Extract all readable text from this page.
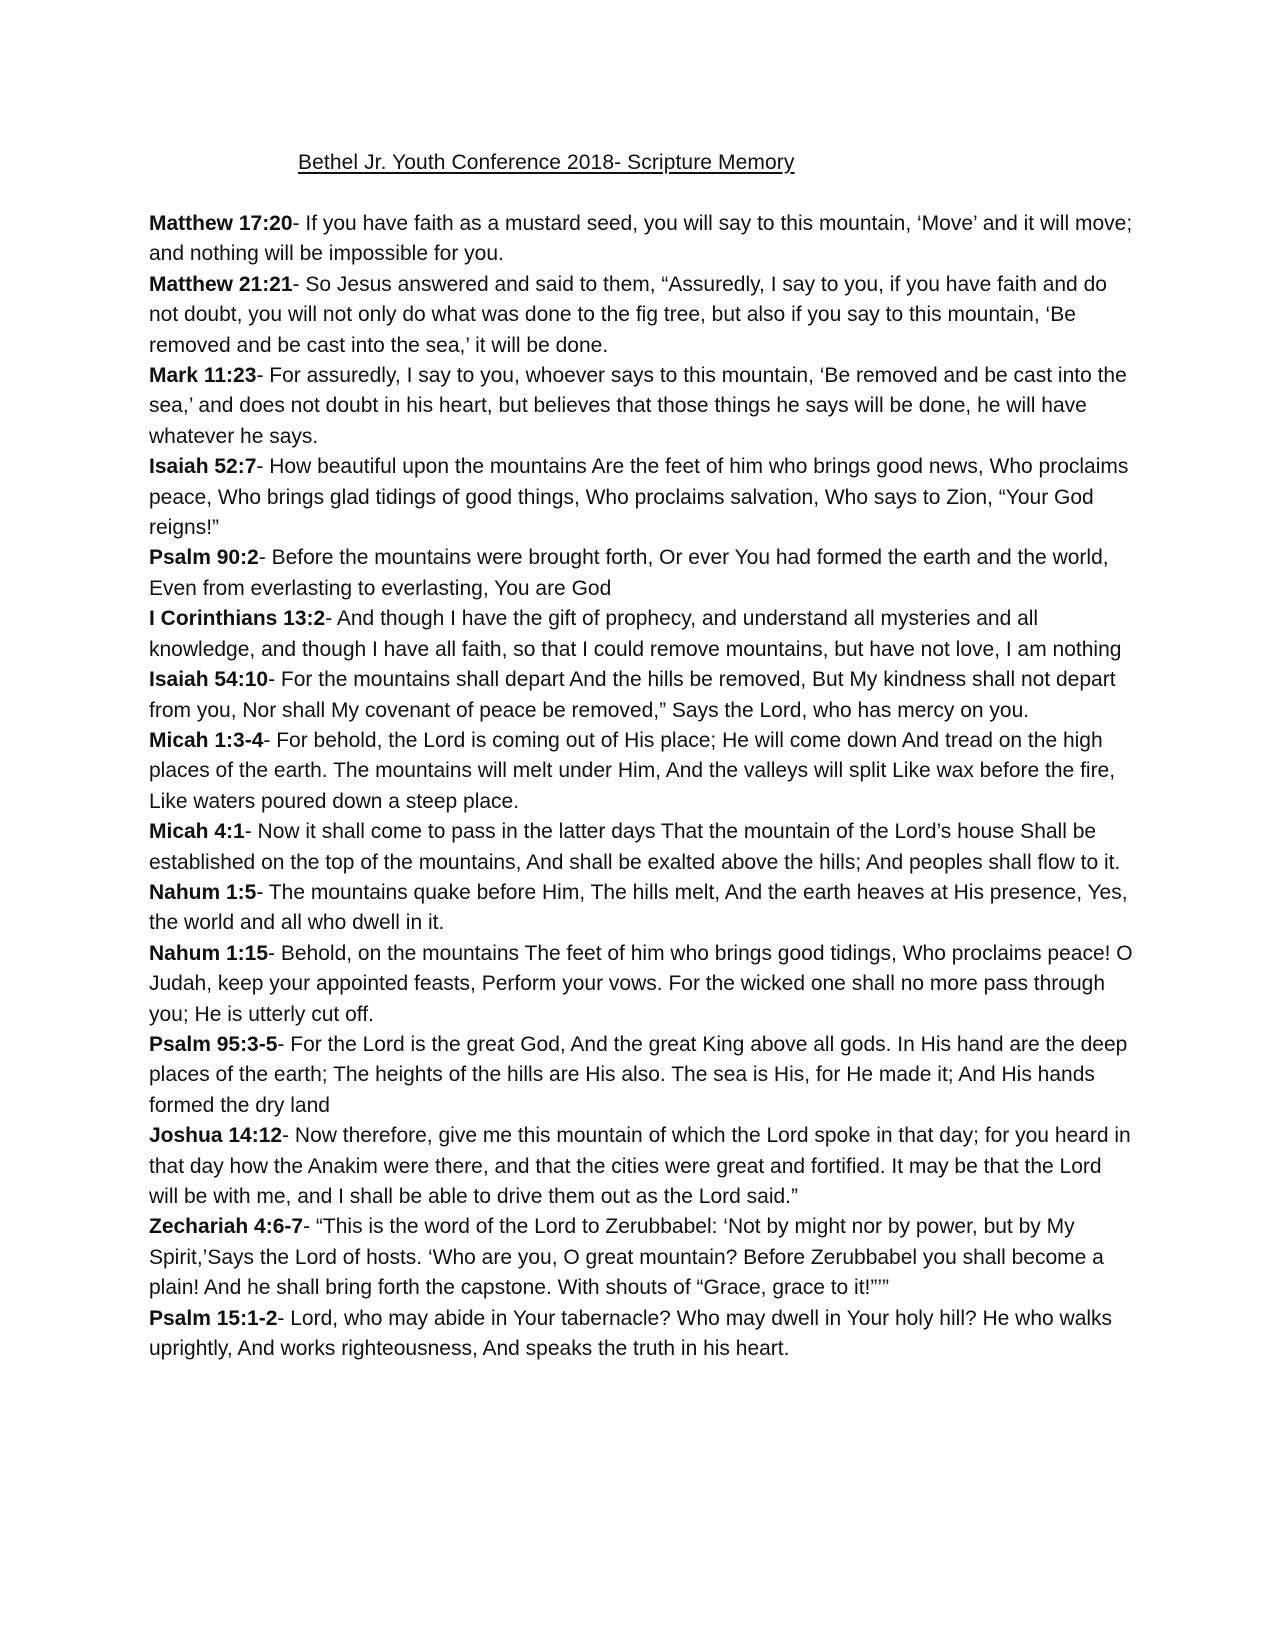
Bethel Jr. Youth Conference 2018- Scripture Memory

Matthew 17:20- If you have faith as a mustard seed, you will say to this mountain, ‘Move’ and it will move; and nothing will be impossible for you.

Matthew 21:21- So Jesus answered and said to them, “Assuredly, I say to you, if you have faith and do not doubt, you will not only do what was done to the fig tree, but also if you say to this mountain, ‘Be removed and be cast into the sea,’ it will be done.

Mark 11:23- For assuredly, I say to you, whoever says to this mountain, ‘Be removed and be cast into the sea,’ and does not doubt in his heart, but believes that those things he says will be done, he will have whatever he says.

Isaiah 52:7- How beautiful upon the mountains Are the feet of him who brings good news, Who proclaims peace, Who brings glad tidings of good things, Who proclaims salvation, Who says to Zion, “Your God reigns!”

Psalm 90:2- Before the mountains were brought forth, Or ever You had formed the earth and the world, Even from everlasting to everlasting, You are God

I Corinthians 13:2- And though I have the gift of prophecy, and understand all mysteries and all knowledge, and though I have all faith, so that I could remove mountains, but have not love, I am nothing

Isaiah 54:10- For the mountains shall depart And the hills be removed, But My kindness shall not depart from you, Nor shall My covenant of peace be removed,” Says the Lord, who has mercy on you.

Micah 1:3-4- For behold, the Lord is coming out of His place; He will come down And tread on the high places of the earth. The mountains will melt under Him, And the valleys will split Like wax before the fire, Like waters poured down a steep place.

Micah 4:1- Now it shall come to pass in the latter days That the mountain of the Lord’s house Shall be established on the top of the mountains, And shall be exalted above the hills; And peoples shall flow to it.

Nahum 1:5- The mountains quake before Him, The hills melt, And the earth heaves at His presence, Yes, the world and all who dwell in it.

Nahum 1:15- Behold, on the mountains The feet of him who brings good tidings, Who proclaims peace! O Judah, keep your appointed feasts, Perform your vows. For the wicked one shall no more pass through you; He is utterly cut off.

Psalm 95:3-5- For the Lord is the great God, And the great King above all gods. In His hand are the deep places of the earth; The heights of the hills are His also. The sea is His, for He made it; And His hands formed the dry land

Joshua 14:12- Now therefore, give me this mountain of which the Lord spoke in that day; for you heard in that day how the Anakim were there, and that the cities were great and fortified. It may be that the Lord will be with me, and I shall be able to drive them out as the Lord said.”

Zechariah 4:6-7- “This is the word of the Lord to Zerubbabel: ‘Not by might nor by power, but by My Spirit,’Says the Lord of hosts. ‘Who are you, O great mountain? Before Zerubbabel you shall become a plain! And he shall bring forth the capstone. With shouts of “Grace, grace to it!”’”

Psalm 15:1-2- Lord, who may abide in Your tabernacle? Who may dwell in Your holy hill? He who walks uprightly, And works righteousness, And speaks the truth in his heart.
